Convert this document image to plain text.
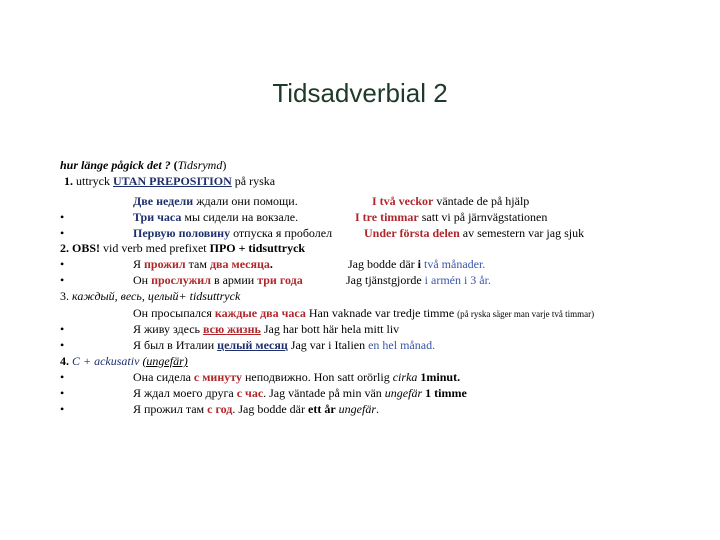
Tidsadverbial 2
hur länge pågick det ? (Tidsrymd)
1. uttryck UTAN PREPOSITION på ryska
Две недели ждали они помощи.	I två veckor väntade de på hjälp
•	Три часа мы сидели на вокзале.	I tre timmar satt vi på järnvägstationen
•	Первую половину отпуска я проболел	Under första delen av semestern var jag sjuk
2. OBS! vid verb med prefixet ПРО + tidsuttryck
•	Я прожил там два месяца.	Jag bodde där i två månader.
•	Он прослужил в армии три года	Jag tjänstgjorde i armén i 3 år.
3. каждый, весь, целый+ tidsuttryck
Он просыпался каждые два часа Han vaknade var tredje timme (på ryska säger man varje två timmar)
•	Я живу здесь всю жизнь Jag har bott här hela mitt liv
•	Я был в Италии целый месяц Jag var i Italien en hel månad.
4. C + ackusativ (ungefär)
•	Она сидела с минуту неподвижно. Hon satt orörlig cirka 1minut.
•	Я ждал моего друга с час. Jag väntade på min vän ungefär 1 timme
•	Я прожил там с год. Jag bodde där ett år ungefär.
